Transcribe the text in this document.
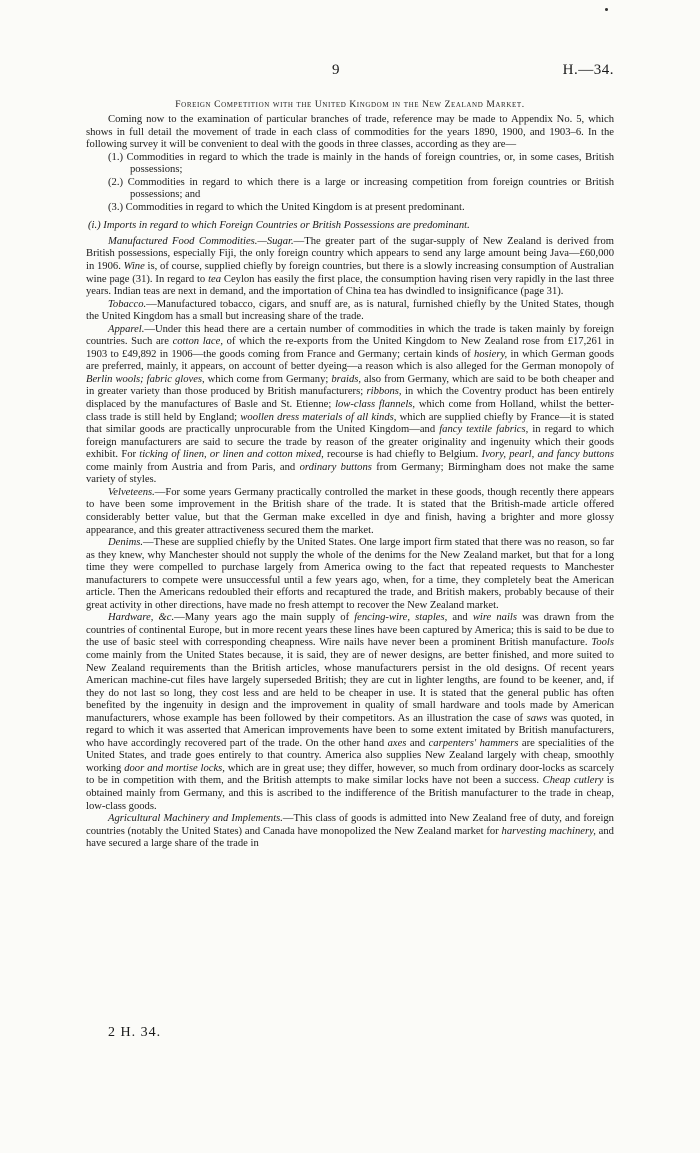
9	H.—34.
Foreign Competition with the United Kingdom in the New Zealand Market.

Coming now to the examination of particular branches of trade, reference may be made to Appendix No. 5, which shows in full detail the movement of trade in each class of commodities for the years 1890, 1900, and 1903–6. In the following survey it will be convenient to deal with the goods in three classes, according as they are—

(1.) Commodities in regard to which the trade is mainly in the hands of foreign countries, or, in some cases, British possessions;
(2.) Commodities in regard to which there is a large or increasing competition from foreign countries or British possessions; and
(3.) Commodities in regard to which the United Kingdom is at present predominant.

(i.) Imports in regard to which Foreign Countries or British Possessions are predominant.

Manufactured Food Commodities.—Sugar.—The greater part of the sugar-supply of New Zealand is derived from British possessions, especially Fiji, the only foreign country which appears to send any large amount being Java—£60,000 in 1906. Wine is, of course, supplied chiefly by foreign countries, but there is a slowly increasing consumption of Australian wine page (31). In regard to tea Ceylon has easily the first place, the consumption having risen very rapidly in the last three years. Indian teas are next in demand, and the importation of China tea has dwindled to insignificance (page 31).

Tobacco.—Manufactured tobacco, cigars, and snuff are, as is natural, furnished chiefly by the United States, though the United Kingdom has a small but increasing share of the trade.

Apparel.—Under this head there are a certain number of commodities in which the trade is taken mainly by foreign countries. Such are cotton lace, of which the re-exports from the United Kingdom to New Zealand rose from £17,261 in 1903 to £49,892 in 1906—the goods coming from France and Germany; certain kinds of hosiery, in which German goods are preferred, mainly, it appears, on account of better dyeing—a reason which is also alleged for the German monopoly of Berlin wools; fabric gloves, which come from Germany; braids, also from Germany, which are said to be both cheaper and in greater variety than those produced by British manufacturers; ribbons, in which the Coventry product has been entirely displaced by the manufactures of Basle and St. Etienne; low-class flannels, which come from Holland, whilst the better-class trade is still held by England; woollen dress materials of all kinds, which are supplied chiefly by France—it is stated that similar goods are practically unprocurable from the United Kingdom—and fancy textile fabrics, in regard to which foreign manufacturers are said to secure the trade by reason of the greater originality and ingenuity which their goods exhibit. For ticking of linen, or linen and cotton mixed, recourse is had chiefly to Belgium. Ivory, pearl, and fancy buttons come mainly from Austria and from Paris, and ordinary buttons from Germany; Birmingham does not make the same variety of styles.

Velveteens.—For some years Germany practically controlled the market in these goods, though recently there appears to have been some improvement in the British share of the trade. It is stated that the British-made article offered considerably better value, but that the German make excelled in dye and finish, having a brighter and more glossy appearance, and this greater attractiveness secured them the market.

Denims.—These are supplied chiefly by the United States. One large import firm stated that there was no reason, so far as they knew, why Manchester should not supply the whole of the denims for the New Zealand market, but that for a long time they were compelled to purchase largely from America owing to the fact that repeated requests to Manchester manufacturers to compete were unsuccessful until a few years ago, when, for a time, they completely beat the American article. Then the Americans redoubled their efforts and recaptured the trade, and British makers, probably because of their great activity in other directions, have made no fresh attempt to recover the New Zealand market.

Hardware, &c.—Many years ago the main supply of fencing-wire, staples, and wire nails was drawn from the countries of continental Europe, but in more recent years these lines have been captured by America; this is said to be due to the use of basic steel with corresponding cheapness. Wire nails have never been a prominent British manufacture. Tools come mainly from the United States because, it is said, they are of newer designs, are better finished, and more suited to New Zealand requirements than the British articles, whose manufacturers persist in the old designs. Of recent years American machine-cut files have largely superseded British; they are cut in lighter lengths, are found to be keener, and, if they do not last so long, they cost less and are held to be cheaper in use. It is stated that the general public has often benefited by the ingenuity in design and the improvement in quality of small hardware and tools made by American manufacturers, whose example has been followed by their competitors. As an illustration the case of saws was quoted, in regard to which it was asserted that American improvements have been to some extent imitated by British manufacturers, who have accordingly recovered part of the trade. On the other hand axes and carpenters' hammers are specialities of the United States, and trade goes entirely to that country. America also supplies New Zealand largely with cheap, smoothly working door and mortise locks, which are in great use; they differ, however, so much from ordinary door-locks as scarcely to be in competition with them, and the British attempts to make similar locks have not been a success. Cheap cutlery is obtained mainly from Germany, and this is ascribed to the indifference of the British manufacturer to the trade in cheap, low-class goods.

Agricultural Machinery and Implements.—This class of goods is admitted into New Zealand free of duty, and foreign countries (notably the United States) and Canada have monopolized the New Zealand market for harvesting machinery, and have secured a large share of the trade in

2 H. 34.
